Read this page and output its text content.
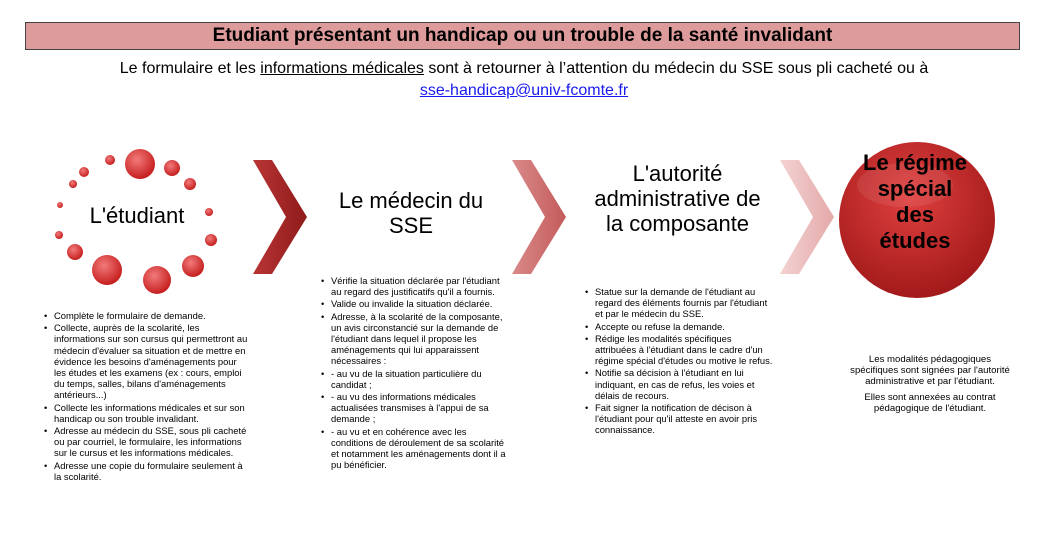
Etudiant présentant un handicap ou un trouble de la santé invalidant
Le formulaire et les informations médicales sont à retourner à l’attention du médecin du SSE sous pli cacheté ou à
sse-handicap@univ-fcomte.fr
L'étudiant
• Complète le formulaire de demande.
• Collecte, auprès de la scolarité, les informations sur son cursus qui permettront au médecin d'évaluer sa situation et de mettre en évidence les besoins d'aménagements pour les études et les examens (ex : cours, emploi du temps, salles, bilans d'aménagements antérieurs...)
• Collecte les informations médicales et sur son handicap ou son trouble invalidant.
• Adresse au médecin du SSE, sous pli cacheté ou par courriel, le formulaire, les informations sur le cursus et les informations médicales.
• Adresse une copie du formulaire seulement à la scolarité.
Le médecin du SSE
• Vérifie la situation déclarée par l'étudiant au regard des justificatifs qu'il a fournis.
• Valide ou invalide la situation déclarée.
• Adresse, à la scolarité de la composante, un avis circonstancié sur la demande de l'étudiant dans lequel il propose les aménagements qui lui apparaissent nécessaires :
• - au vu de la situation particulière du candidat ;
• - au vu des informations médicales actualisées transmises à l'appui de sa demande ;
• - au vu et en cohérence avec les conditions de déroulement de sa scolarité et notamment les aménagements dont il a pu bénéficier.
L'autorité administrative de la composante
• Statue sur la demande de l'étudiant au regard des éléments fournis par l'étudiant et par le médecin du SSE.
• Accepte ou refuse la demande.
• Rédige les modalités spécifiques attribuées à l'étudiant dans le cadre d'un régime spécial d'études ou motive le refus.
• Notifie sa décision à l'étudiant en lui indiquant, en cas de refus, les voies et délais de recours.
• Fait signer la notification de décison à l'étudiant pour qu'il atteste en avoir pris connaissance.
Le régime spécial des études

Les modalités pédagogiques spécifiques sont signées par l'autorité administrative et par l'étudiant.

Elles sont annexées au contrat pédagogique de l'étudiant.
